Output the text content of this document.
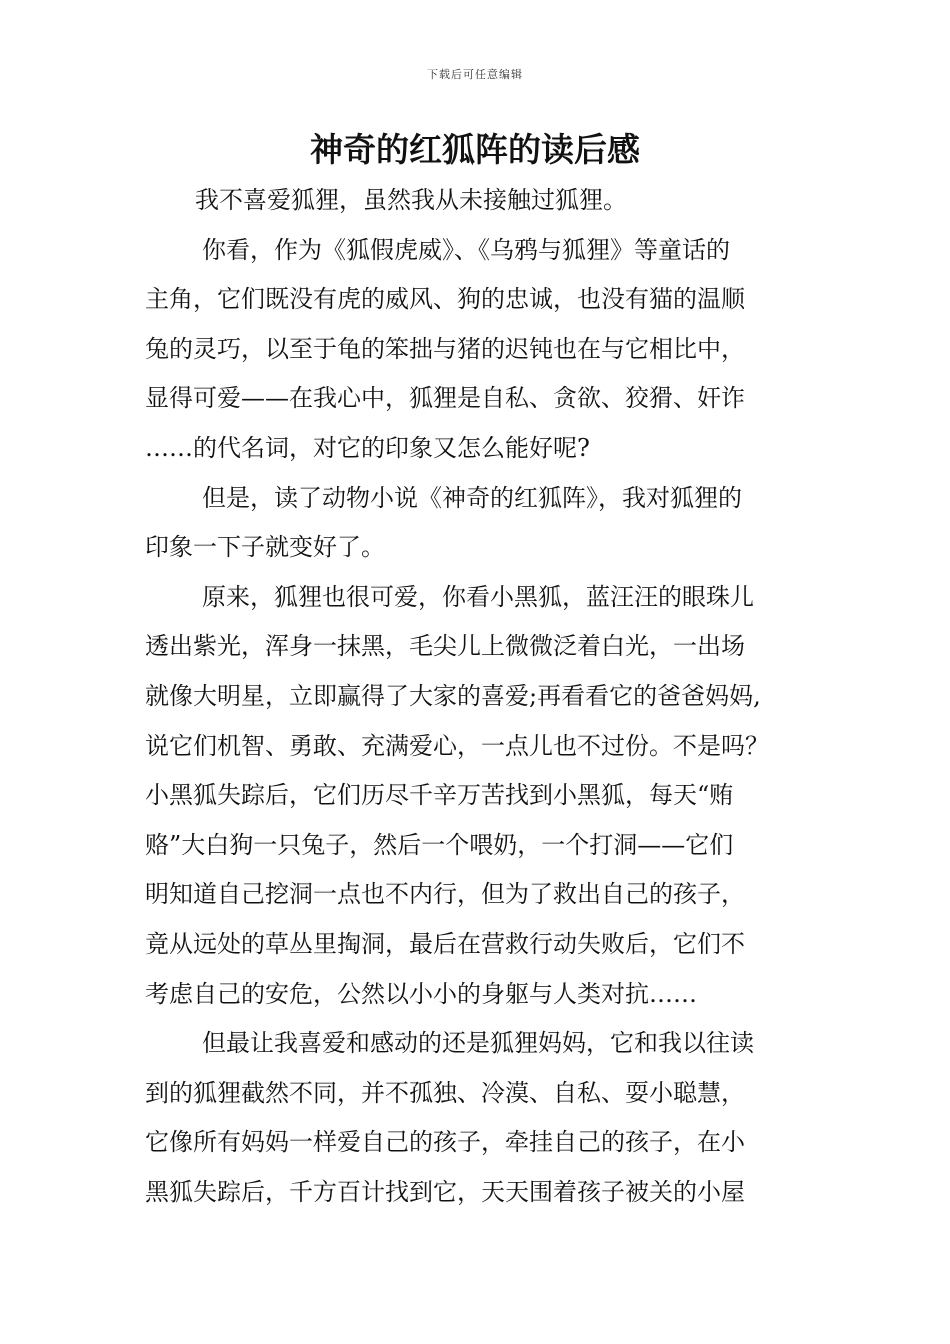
下载后可任意编辑
神奇的红狐阵的读后感
我不喜爱狐狸，虽然我从未接触过狐狸。
你看，作为《狐假虎威》、《乌鸦与狐狸》等童话的
主角，它们既没有虎的威风、狗的忠诚，也没有猫的温顺
兔的灵巧，以至于龟的笨拙与猪的迟钝也在与它相比中，
显得可爱——在我心中，狐狸是自私、贪欲、狡猾、奸诈
……的代名词，对它的印象又怎么能好呢?
但是，读了动物小说《神奇的红狐阵》，我对狐狸的
印象一下子就变好了。
原来，狐狸也很可爱，你看小黑狐，蓝汪汪的眼珠儿
透出紫光，浑身一抹黑，毛尖儿上微微泛着白光，一出场
就像大明星，立即赢得了大家的喜爱;再看看它的爸爸妈妈,
说它们机智、勇敢、充满爱心，一点儿也不过份。不是吗？
小黑狐失踪后，它们历尽千辛万苦找到小黑狐，每天“贿
赂”大白狗一只兔子，然后一个喂奶，一个打洞——它们
明知道自己挖洞一点也不内行，但为了救出自己的孩子，
竟从远处的草丛里掏洞，最后在营救行动失败后，它们不
考虑自己的安危，公然以小小的身躯与人类对抗……
但最让我喜爱和感动的还是狐狸妈妈，它和我以往读
到的狐狸截然不同，并不孤独、冷漠、自私、耍小聪慧，
它像所有妈妈一样爱自己的孩子，牵挂自己的孩子，在小
黑狐失踪后，千方百计找到它，天天围着孩子被关的小屋
